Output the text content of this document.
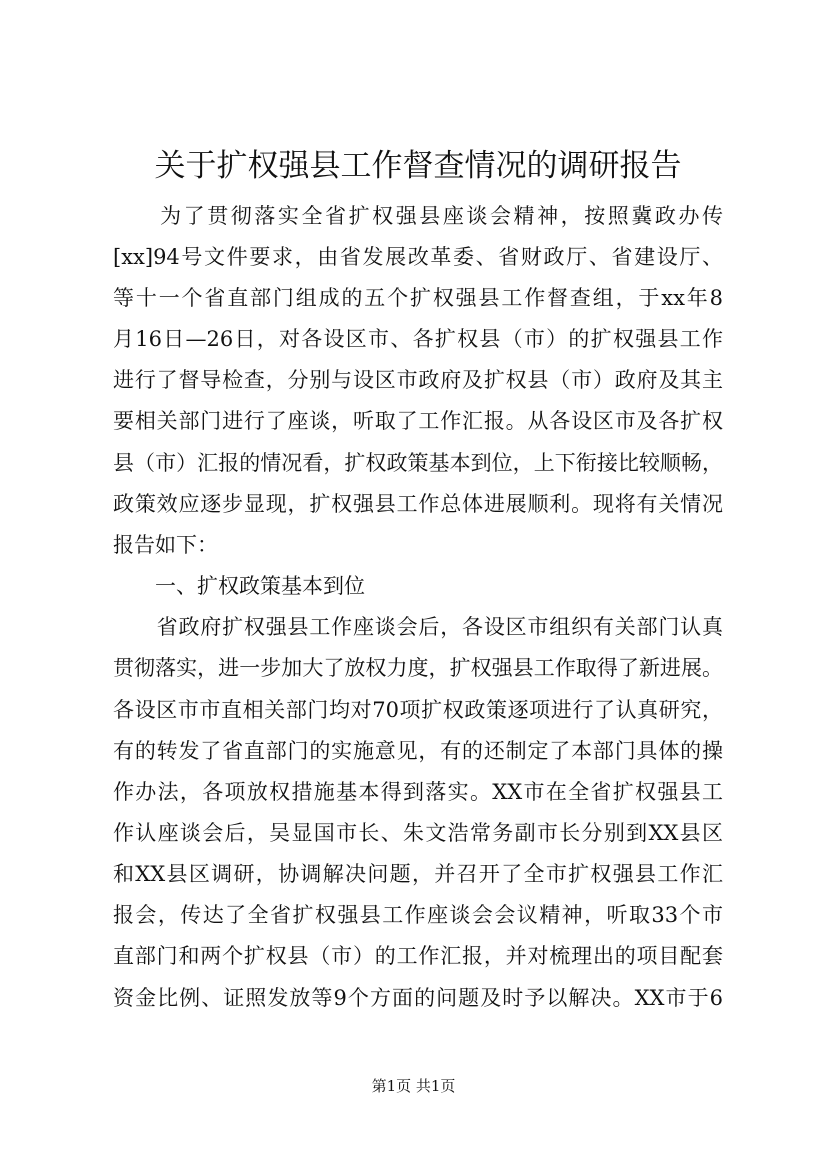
关于扩权强县工作督查情况的调研报告
　　为了贯彻落实全省扩权强县座谈会精神，按照冀政办传
[xx]94号文件要求，由省发展改革委、省财政厅、省建设厅、
等十一个省直部门组成的五个扩权强县工作督查组，于xx年8
月16日—26日，对各设区市、各扩权县（市）的扩权强县工作
进行了督导检查，分别与设区市政府及扩权县（市）政府及其主
要相关部门进行了座谈，听取了工作汇报。从各设区市及各扩权
县（市）汇报的情况看，扩权政策基本到位，上下衔接比较顺畅，
政策效应逐步显现，扩权强县工作总体进展顺利。现将有关情况
报告如下：
　　一、扩权政策基本到位
　　省政府扩权强县工作座谈会后，各设区市组织有关部门认真
贯彻落实，进一步加大了放权力度，扩权强县工作取得了新进展。
各设区市市直相关部门均对70项扩权政策逐项进行了认真研究，
有的转发了省直部门的实施意见，有的还制定了本部门具体的操
作办法，各项放权措施基本得到落实。XX市在全省扩权强县工
作认座谈会后，吴显国市长、朱文浩常务副市长分别到XX县区
和XX县区调研，协调解决问题，并召开了全市扩权强县工作汇
报会，传达了全省扩权强县工作座谈会会议精神，听取33个市
直部门和两个扩权县（市）的工作汇报，并对梳理出的项目配套
资金比例、证照发放等9个方面的问题及时予以解决。XX市于6
第1页 共1页
